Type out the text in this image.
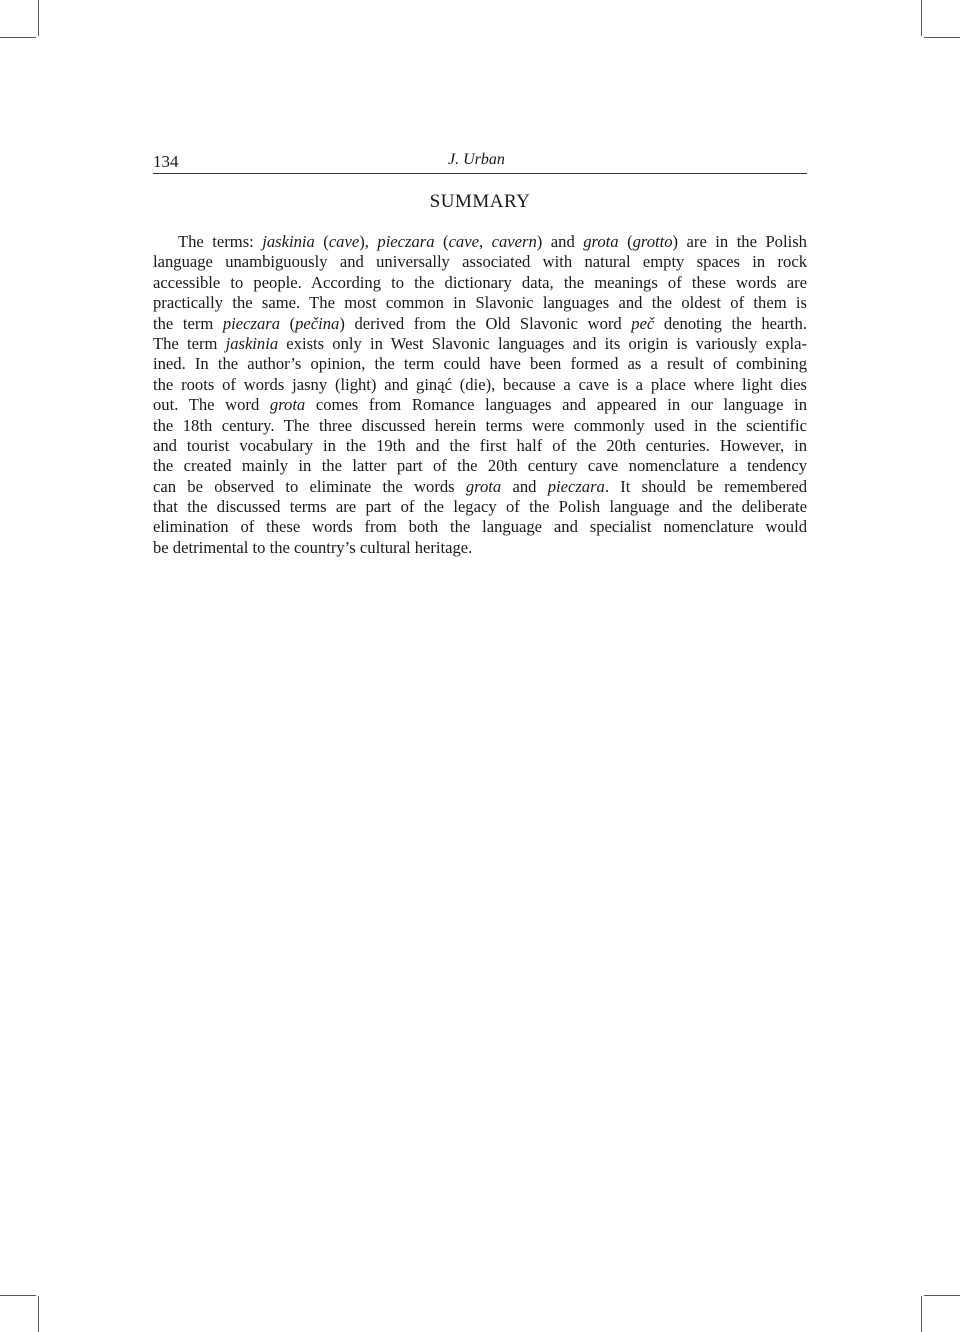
134	J. Urban
SUMMARY
The terms: jaskinia (cave), pieczara (cave, cavern) and grota (grotto) are in the Polish
language unambiguously and universally associated with natural empty spaces in rock
accessible to people. According to the dictionary data, the meanings of these words are
practically the same. The most common in Slavonic languages and the oldest of them is
the term pieczara (pečina) derived from the Old Slavonic word peč denoting the hearth.
The term jaskinia exists only in West Slavonic languages and its origin is variously expla-
ined. In the author’s opinion, the term could have been formed as a result of combining
the roots of words jasny (light) and ginąć (die), because a cave is a place where light dies
out. The word grota comes from Romance languages and appeared in our language in
the 18th century. The three discussed herein terms were commonly used in the scientific
and tourist vocabulary in the 19th and the first half of the 20th centuries. However, in
the created mainly in the latter part of the 20th century cave nomenclature a tendency
can be observed to eliminate the words grota and pieczara. It should be remembered
that the discussed terms are part of the legacy of the Polish language and the deliberate
elimination of these words from both the language and specialist nomenclature would
be detrimental to the country’s cultural heritage.
